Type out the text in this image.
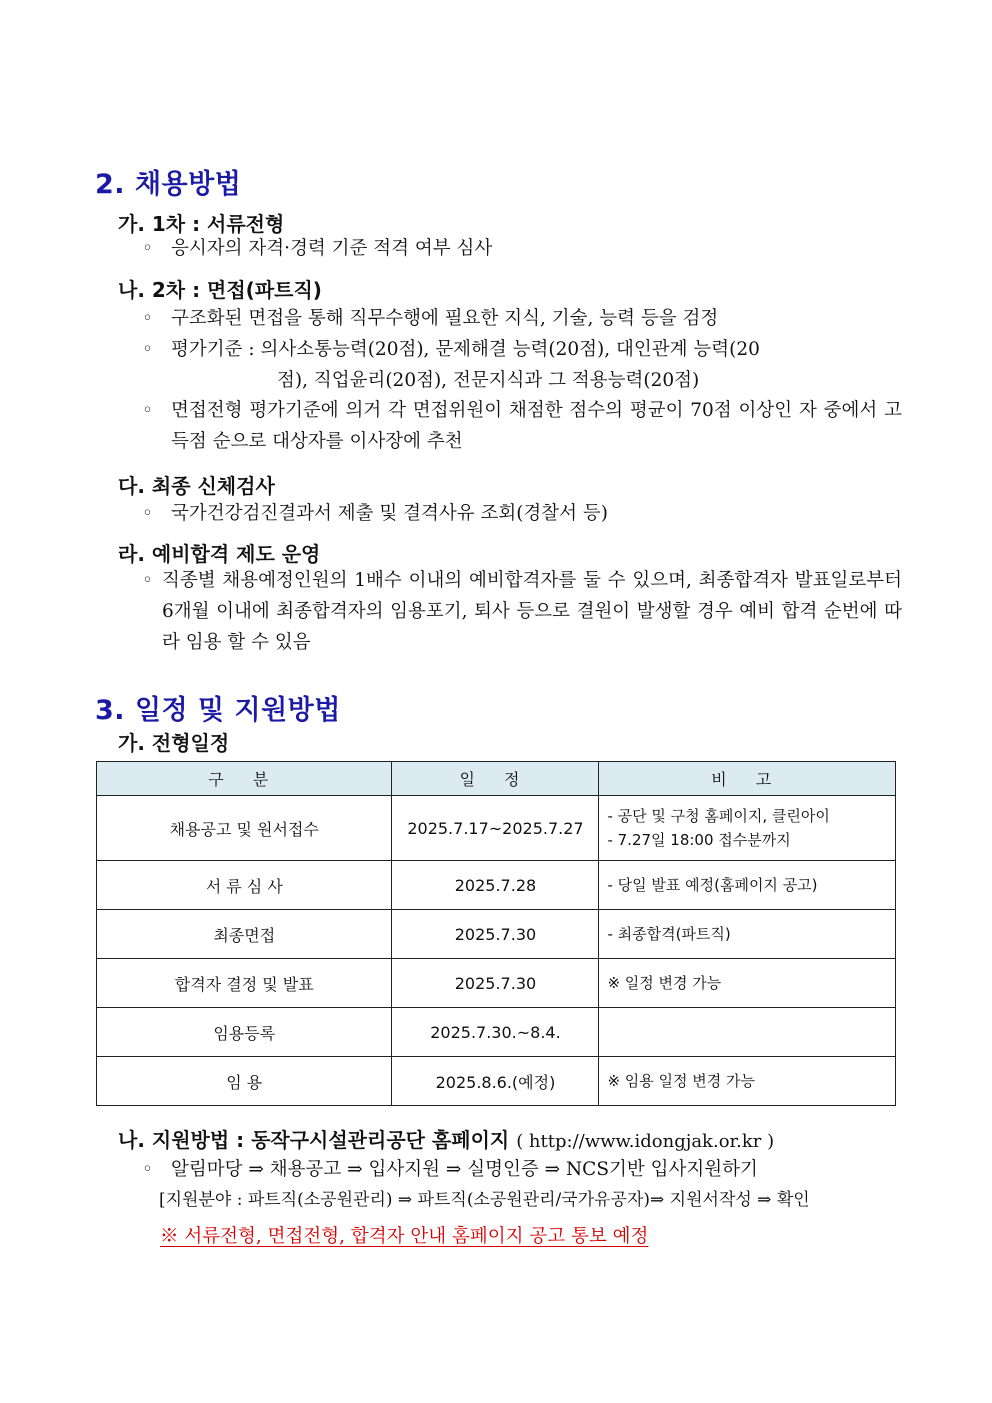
2. 채용방법
가. 1차 : 서류전형
◦ 응시자의 자격·경력 기준 적격 여부 심사
나. 2차 : 면접(파트직)
◦ 구조화된 면접을 통해 직무수행에 필요한 지식, 기술, 능력 등을 검정
◦ 평가기준 : 의사소통능력(20점), 문제해결 능력(20점), 대인관계 능력(20
점), 직업윤리(20점), 전문지식과 그 적용능력(20점)
◦ 면접전형 평가기준에 의거 각 면접위원이 채점한 점수의 평균이 70점 이상인 자 중에서 고득점 순으로 대상자를 이사장에 추천
다. 최종 신체검사
◦ 국가건강검진결과서 제출 및 결격사유 조회(경찰서 등)
라. 예비합격 제도 운영
◦ 직종별 채용예정인원의 1배수 이내의 예비합격자를 둘 수 있으며, 최종합격자 발표일로부터 6개월 이내에 최종합격자의 임용포기, 퇴사 등으로 결원이 발생할 경우 예비 합격 순번에 따라 임용 할 수 있음
3. 일정 및 지원방법
가. 전형일정
구 분	일 정	비 고
채용공고 및 원서접수	2025.7.17~2025.7.27	- 공단 및 구청 홈페이지, 클린아이
- 7.27일 18:00 접수분까지

서 류 심 사	2025.7.28	- 당일 발표 예정(홈페이지 공고)
최종면접	2025.7.30	- 최종합격(파트직)
합격자 결정 및 발표	2025.7.30	※ 일정 변경 가능
임용등록	2025.7.30.~8.4.	
임 용	2025.8.6.(예정)	※ 임용 일정 변경 가능
나. 지원방법 : 동작구시설관리공단 홈페이지 ( http://www.idongjak.or.kr )
◦ 알림마당 ⇒ 채용공고 ⇒ 입사지원 ⇒ 실명인증 ⇒ NCS기반 입사지원하기
[지원분야 : 파트직(소공원관리) ⇒ 파트직(소공원관리/국가유공자)⇒ 지원서작성 ⇒ 확인
※ 서류전형, 면접전형, 합격자 안내 홈페이지 공고 통보 예정
